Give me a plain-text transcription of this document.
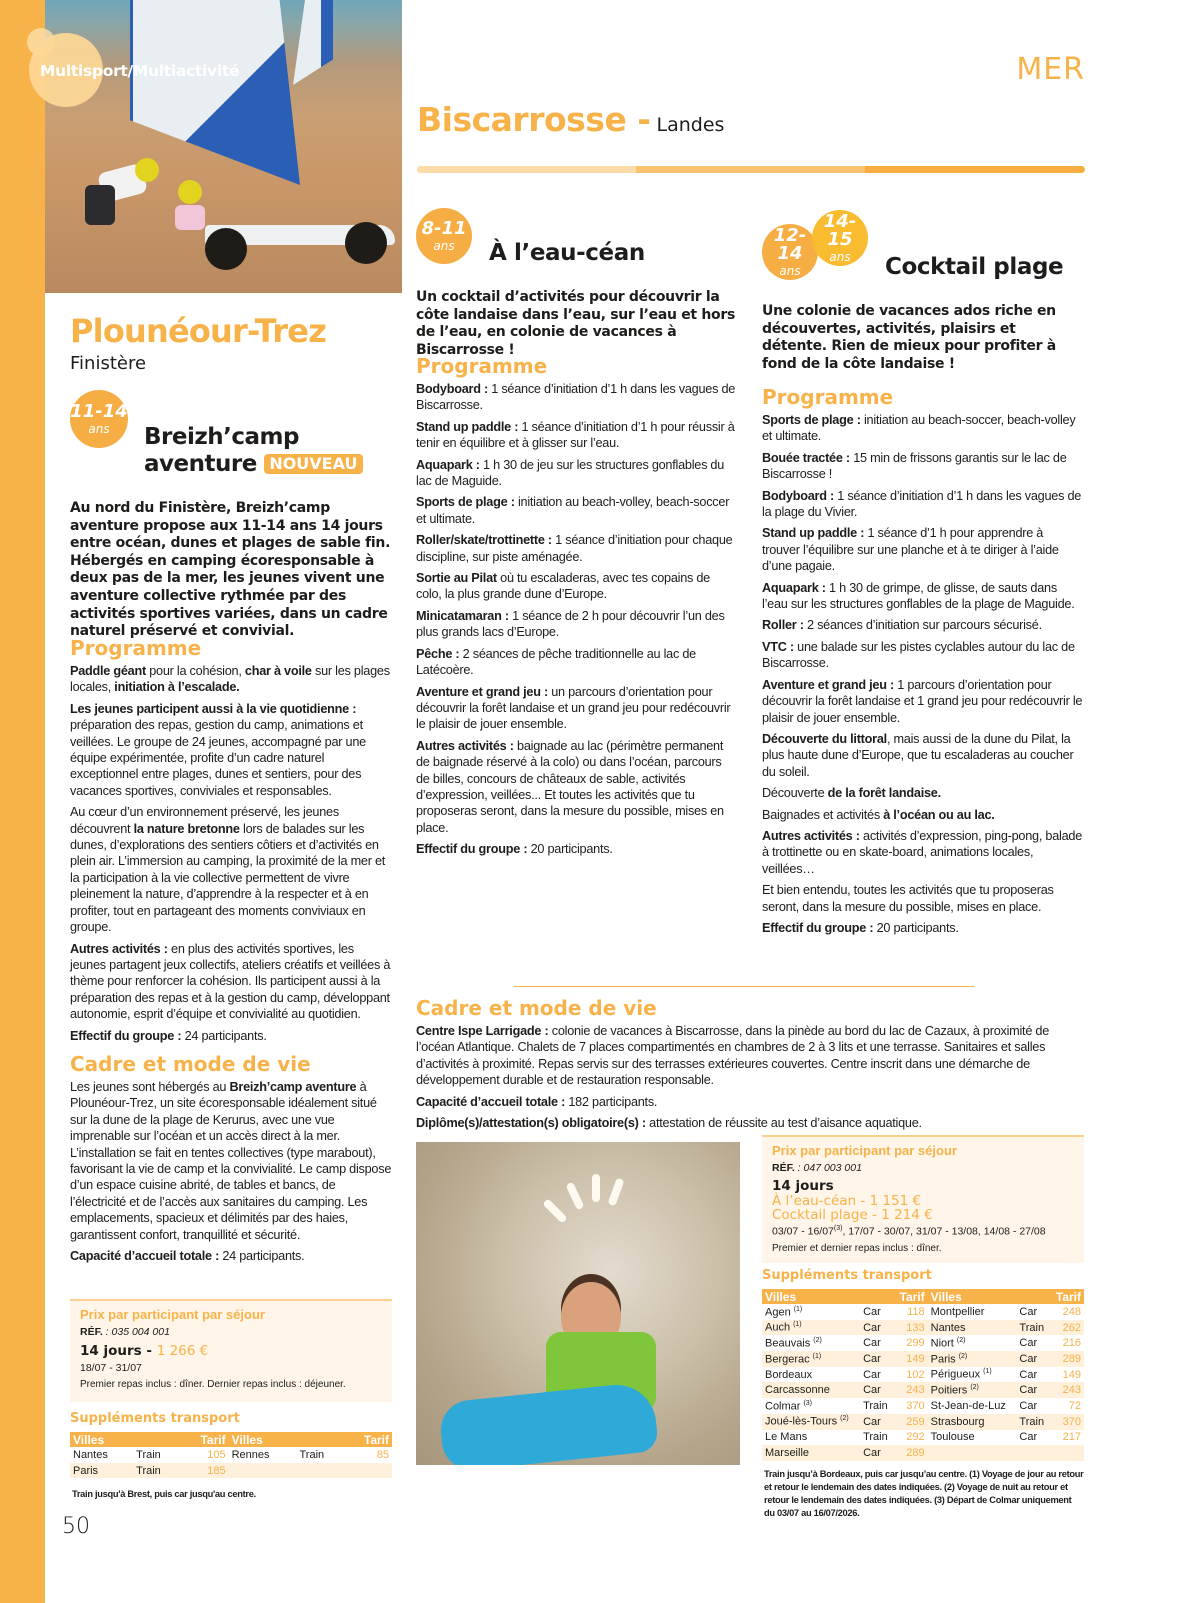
Multisport/Multiactivité	MER
Biscarrosse - Landes
Plounéour-Trez
Finistère
11-14
ans Breizh’camp
aventure NOUVEAU
Au nord du Finistère, Breizh’camp aventure propose aux 11-14 ans 14 jours entre océan, dunes et plages de sable fin. Hébergés en camping écoresponsable à deux pas de la mer, les jeunes vivent une aventure collective rythmée par des activités sportives variées, dans un cadre naturel préservé et convivial.
Programme

Paddle géant pour la cohésion, char à voile sur les plages locales, initiation à l’escalade.

Les jeunes participent aussi à la vie quotidienne : préparation des repas, gestion du camp, animations et veillées. Le groupe de 24 jeunes, accompagné par une équipe expérimentée, profite d’un cadre naturel exceptionnel entre plages, dunes et sentiers, pour des vacances sportives, conviviales et responsables.

Au cœur d’un environnement préservé, les jeunes découvrent la nature bretonne lors de balades sur les dunes, d’explorations des sentiers côtiers et d’activités en plein air. L’immersion au camping, la proximité de la mer et la participation à la vie collective permettent de vivre pleinement la nature, d’apprendre à la respecter et à en profiter, tout en partageant des moments conviviaux en groupe.

Autres activités : en plus des activités sportives, les jeunes partagent jeux collectifs, ateliers créatifs et veillées à thème pour renforcer la cohésion. Ils participent aussi à la préparation des repas et à la gestion du camp, développant autonomie, esprit d’équipe et convivialité au quotidien.

Effectif du groupe : 24 participants.

Cadre et mode de vie

Les jeunes sont hébergés au Breizh’camp aventure à Plounéour-Trez, un site écoresponsable idéalement situé sur la dune de la plage de Kerurus, avec une vue imprenable sur l’océan et un accès direct à la mer. L’installation se fait en tentes collectives (type marabout), favorisant la vie de camp et la convivialité. Le camp dispose d’un espace cuisine abrité, de tables et bancs, de l’électricité et de l’accès aux sanitaires du camping. Les emplacements, spacieux et délimités par des haies, garantissent confort, tranquillité et sécurité.

Capacité d’accueil totale : 24 participants.

Prix par participant par séjour
RÉF. : 035 004 001
14 jours - 1 266 €
18/07 - 31/07
Premier repas inclus : dîner. Dernier repas inclus : déjeuner.
Suppléments transport
Villes		Tarif	Villes		Tarif
Nantes	Train	105	Rennes	Train	85
Paris	Train	185			
Train jusqu'à Brest, puis car jusqu'au centre.
50
8-11
ans À l’eau-céan
Un cocktail d’activités pour découvrir la côte landaise dans l’eau, sur l’eau et hors de l’eau, en colonie de vacances à Biscarrosse !
Programme

Bodyboard : 1 séance d’initiation d’1 h dans les vagues de Biscarrosse.

Stand up paddle : 1 séance d’initiation d’1 h pour réussir à tenir en équilibre et à glisser sur l’eau.

Aquapark : 1 h 30 de jeu sur les structures gonflables du lac de Maguide.

Sports de plage : initiation au beach-volley, beach-soccer et ultimate.

Roller/skate/trottinette : 1 séance d’initiation pour chaque discipline, sur piste aménagée.

Sortie au Pilat où tu escaladeras, avec tes copains de colo, la plus grande dune d’Europe.

Minicatamaran : 1 séance de 2 h pour découvrir l’un des plus grands lacs d’Europe.

Pêche : 2 séances de pêche traditionnelle au lac de Latécoère.

Aventure et grand jeu : un parcours d’orientation pour découvrir la forêt landaise et un grand jeu pour redécouvrir le plaisir de jouer ensemble.

Autres activités : baignade au lac (périmètre permanent de baignade réservé à la colo) ou dans l’océan, parcours de billes, concours de châteaux de sable, activités d’expression, veillées... Et toutes les activités que tu proposeras seront, dans la mesure du possible, mises en place.

Effectif du groupe : 20 participants.

12-14
ans
14-15
ans Cocktail plage
Une colonie de vacances ados riche en découvertes, activités, plaisirs et détente. Rien de mieux pour profiter à fond de la côte landaise !
Programme

Sports de plage : initiation au beach-soccer, beach-volley et ultimate.

Bouée tractée : 15 min de frissons garantis sur le lac de Biscarrosse !

Bodyboard : 1 séance d’initiation d’1 h dans les vagues de la plage du Vivier.

Stand up paddle : 1 séance d’1 h pour apprendre à trouver l’équilibre sur une planche et à te diriger à l’aide d’une pagaie.

Aquapark : 1 h 30 de grimpe, de glisse, de sauts dans l’eau sur les structures gonflables de la plage de Maguide.

Roller : 2 séances d’initiation sur parcours sécurisé.

VTC : une balade sur les pistes cyclables autour du lac de Biscarrosse.

Aventure et grand jeu : 1 parcours d’orientation pour découvrir la forêt landaise et 1 grand jeu pour redécouvrir le plaisir de jouer ensemble.

Découverte du littoral, mais aussi de la dune du Pilat, la plus haute dune d’Europe, que tu escaladeras au coucher du soleil.

Découverte de la forêt landaise.

Baignades et activités à l’océan ou au lac.

Autres activités : activités d’expression, ping-pong, balade à trottinette ou en skate-board, animations locales, veillées…

Et bien entendu, toutes les activités que tu proposeras seront, dans la mesure du possible, mises en place.

Effectif du groupe : 20 participants.

Cadre et mode de vie

Centre Ispe Larrigade : colonie de vacances à Biscarrosse, dans la pinède au bord du lac de Cazaux, à proximité de l’océan Atlantique. Chalets de 7 places compartimentés en chambres de 2 à 3 lits et une terrasse. Sanitaires et salles d’activités à proximité. Repas servis sur des terrasses extérieures couvertes. Centre inscrit dans une démarche de développement durable et de restauration responsable.

Capacité d’accueil totale : 182 participants.

Diplôme(s)/attestation(s) obligatoire(s) : attestation de réussite au test d’aisance aquatique.

Prix par participant par séjour
RÉF. : 047 003 001
14 jours
À l’eau-céan - 1 151 €
Cocktail plage - 1 214 €
03/07 - 16/07$^{(3)}$, 17/07 - 30/07, 31/07 - 13/08, 14/08 - 27/08
Premier et dernier repas inclus : dîner.
Suppléments transport
Villes		Tarif	Villes		Tarif
Agen $^{(1)}$	Car	118	Montpellier	Car	248
Auch $^{(1)}$	Car	133	Nantes	Train	262
Beauvais $^{(2)}$	Car	299	Niort $^{(2)}$	Car	216
Bergerac $^{(1)}$	Car	149	Paris $^{(2)}$	Car	289
Bordeaux	Car	102	Périgueux $^{(1)}$	Car	149
Carcassonne	Car	243	Poitiers $^{(2)}$	Car	243
Colmar $^{(3)}$	Train	370	St-Jean-de-Luz	Car	72
Joué-lès-Tours $^{(2)}$	Car	259	Strasbourg	Train	370
Le Mans	Train	292	Toulouse	Car	217
Marseille	Car	289			
Train jusqu’à Bordeaux, puis car jusqu’au centre. (1) Voyage de jour au retour et retour le lendemain des dates indiquées. (2) Voyage de nuit au retour et retour le lendemain des dates indiquées. (3) Départ de Colmar uniquement du 03/07 au 16/07/2026.
